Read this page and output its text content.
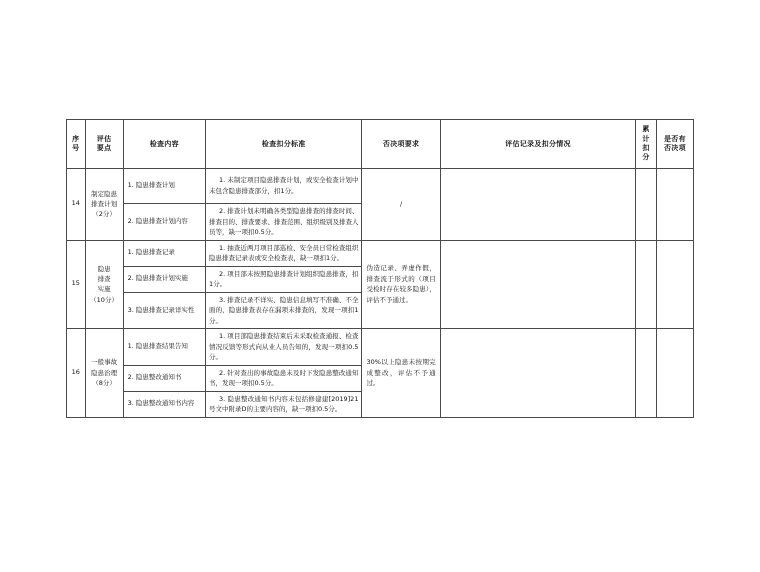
序
号	评估
要点	检查内容	检查扣分标准	否决项要求	评估记录及扣分情况	累
计
扣
分	是否有
否决项

14	制定隐患
排查计划
（2分）	1. 隐患排查计划	1. 未制定项目隐患排查计划，或安全检查计划中未包含隐患排查部分，扣1分。	/			
		2. 隐患排查计划内容	2. 排查计划未明确各类型隐患排查的排查时间、排查目的、排查要求、排查范围、组织级别及排查人员等，缺一项扣0.5分。				

15	隐患
排查
实施
（10分）	1. 隐患排查记录	1. 抽查近两月项目部巡检、安全员日常检查组织隐患排查记录表或安全检查表，缺一项扣1分。	伪造记录、弄虚作假，排查流于形式的（项目受检时存在较多隐患），评估不予通过。			
		2. 隐患排查计划实施	2. 项目部未按照隐患排查计划组织隐患排查，扣1分。				

		3. 隐患排查记录详实性	3. 排查记录不详实、隐患信息填写不准确、不全面的，隐患排查表存在漏项未排查的，发现一项扣1分。				

16	一般事故
隐患治理
（8分）	1. 隐患排查结果告知	1. 项目部隐患排查结束后未采取检查通报、检查情况反馈等形式向从业人员告知的，发现一项扣0.5分。	30%以上隐患未按期完成整改，评估不予通过。			
		2. 隐患整改通知书	2. 针对查出的事故隐患未及时下发隐患整改通知书，发现一项扣0.5分。				

		3. 隐患整改通知书内容	3. 隐患整改通知书内容未包括修建建[2019]21号文中附录D的主要内容的，缺一项扣0.5分。				
